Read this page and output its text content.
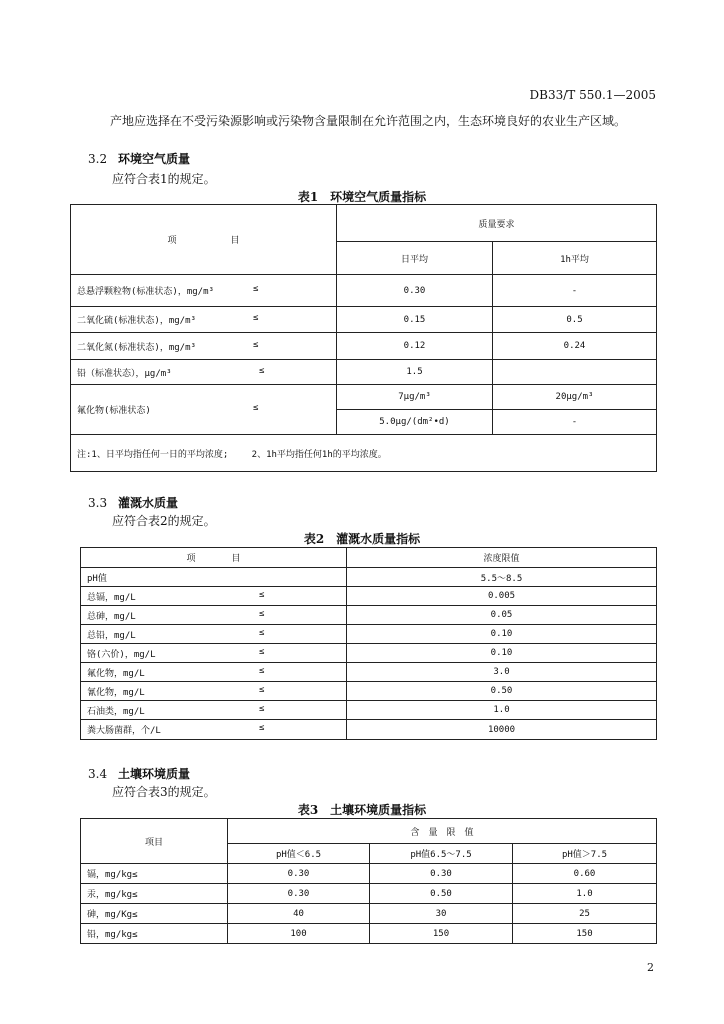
DB33/T 550.1—2005
产地应选择在不受污染源影响或污染物含量限制在允许范围之内，生态环境良好的农业生产区域。
3.2 环境空气质量
应符合表1的规定。
表1　环境空气质量指标
项　　　　　　目	质量要求	
	日平均	1h平均
总悬浮颗粒物(标准状态)，mg/m³ ≤	0.30	-
二氧化硫(标准状态)，mg/m³ ≤	0.15	0.5
二氧化氮(标准状态)，mg/m³ ≤	0.12	0.24
铅（标准状态），μg/m³ ≤	1.5	
氟化物(标准状态) ≤	7μg/m³	20μg/m³
	5.0μg/(dm²•d)	-
注:1、日平均指任何一日的平均浓度;　　 2、1h平均指任何1h的平均浓度。		
3.3 灌溉水质量
应符合表2的规定。
表2　灌溉水质量指标
项　　　　目	浓度限值
pH值	5.5～8.5
总镉，mg/L ≤	0.005
总砷，mg/L ≤	0.05
总铅，mg/L ≤	0.10
铬(六价)，mg/L ≤	0.10
氟化物，mg/L ≤	3.0
氰化物，mg/L ≤	0.50
石油类，mg/L ≤	1.0
粪大肠菌群，个/L ≤	10000
3.4 土壤环境质量
应符合表3的规定。
表3　土壤环境质量指标
项目	含　量　限　值		
	pH值＜6.5	pH值6.5～7.5	pH值＞7.5
镉，mg/kg≤	0.30	0.30	0.60
汞，mg/kg≤	0.30	0.50	1.0
砷，mg/Kg≤	40	30	25
铅，mg/kg≤	100	150	150
2
